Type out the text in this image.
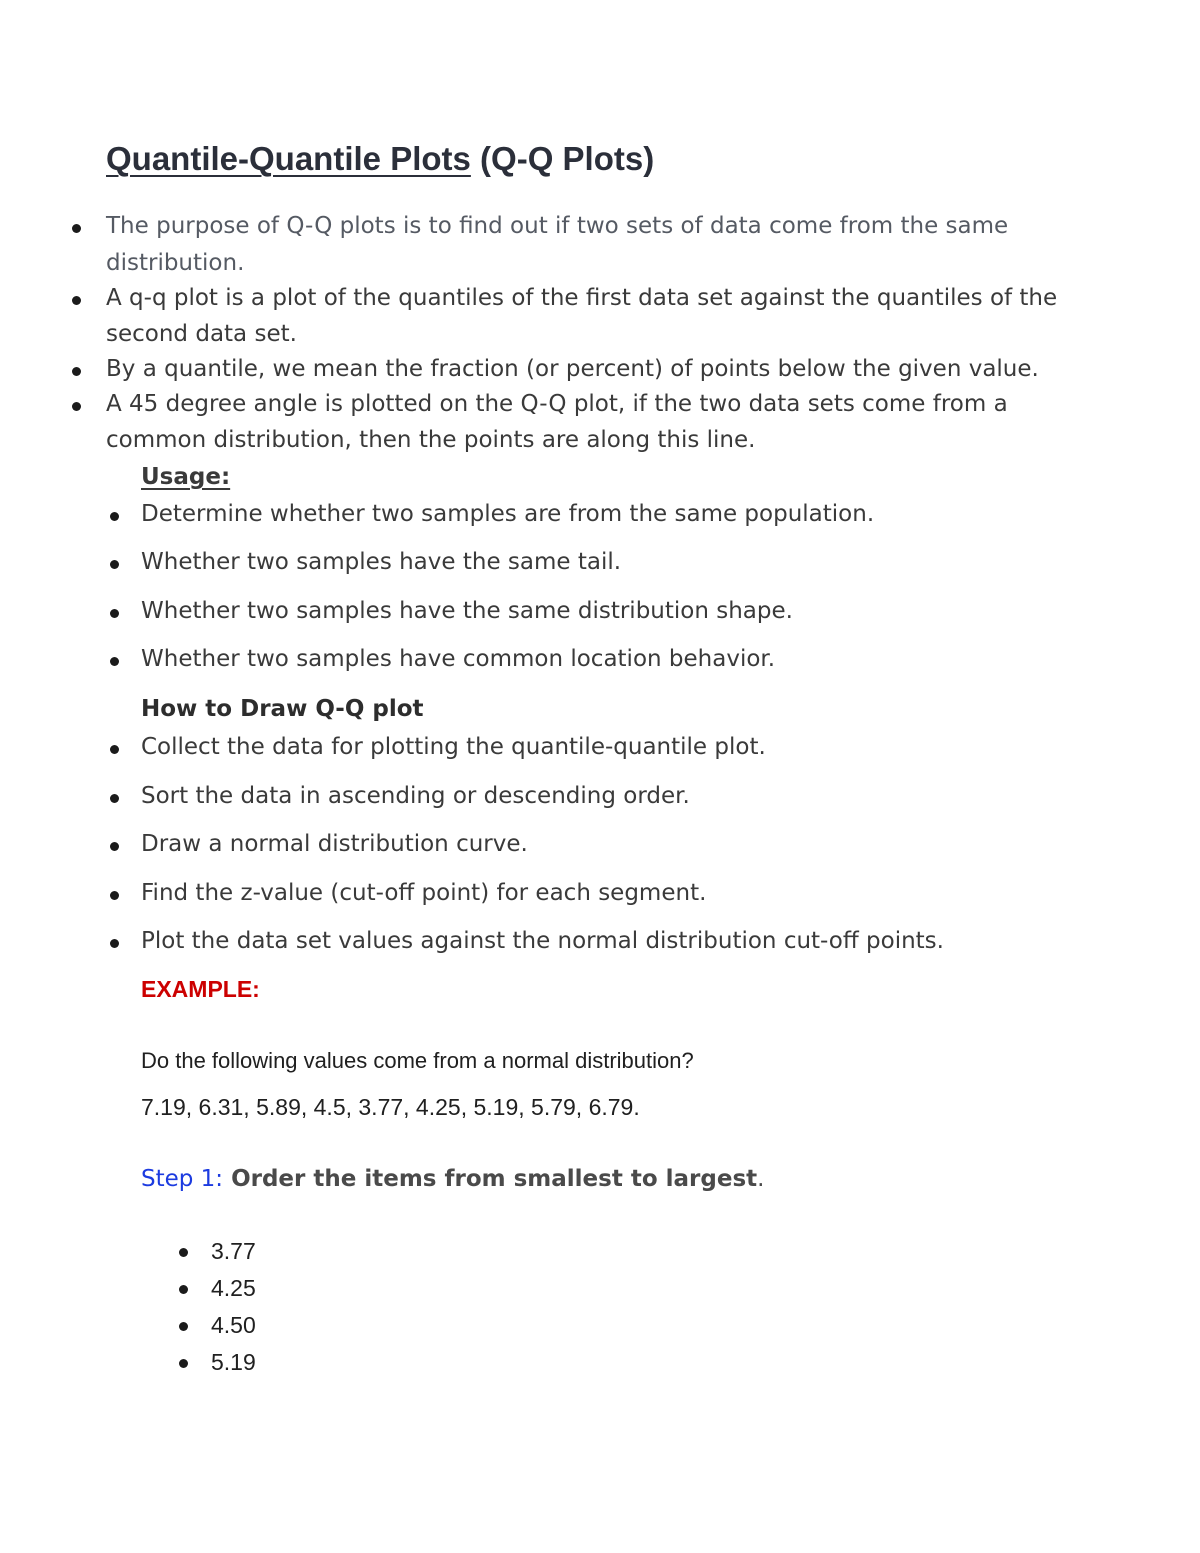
Quantile-Quantile Plots (Q-Q Plots)
The purpose of Q-Q plots is to find out if two sets of data come from the same
distribution.
A q-q plot is a plot of the quantiles of the first data set against the quantiles of the
second data set.
By a quantile, we mean the fraction (or percent) of points below the given value.
A 45 degree angle is plotted on the Q-Q plot, if the two data sets come from a
common distribution, then the points are along this line.
Usage:
Determine whether two samples are from the same population.
Whether two samples have the same tail.
Whether two samples have the same distribution shape.
Whether two samples have common location behavior.
How to Draw Q-Q plot
Collect the data for plotting the quantile-quantile plot.
Sort the data in ascending or descending order.
Draw a normal distribution curve.
Find the z-value (cut-off point) for each segment.
Plot the data set values against the normal distribution cut-off points.
EXAMPLE:
Do the following values come from a normal distribution?
7.19, 6.31, 5.89, 4.5, 3.77, 4.25, 5.19, 5.79, 6.79.
Step 1: Order the items from smallest to largest.
3.77
4.25
4.50
5.19
